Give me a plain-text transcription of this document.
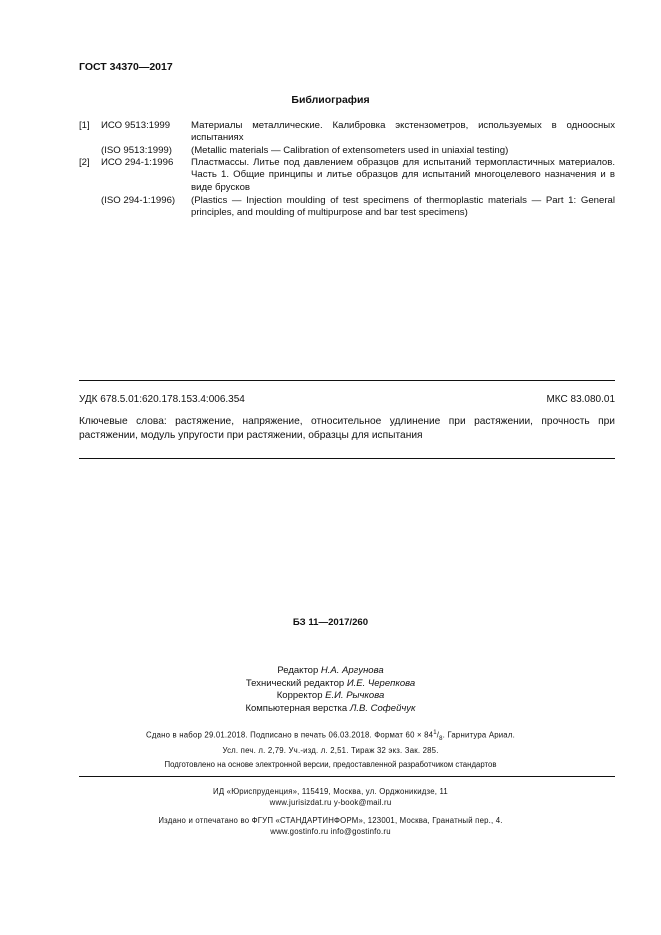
ГОСТ 34370—2017
Библиография
[1] ИСО 9513:1999 Материалы металлические. Калибровка экстензометров, используемых в одноосных испытаниях
(ISO 9513:1999) (Metallic materials — Calibration of extensometers used in uniaxial testing)
[2] ИСО 294-1:1996 Пластмассы. Литье под давлением образцов для испытаний термопластичных материалов. Часть 1. Общие принципы и литье образцов для испытаний многоцелевого назначения и в виде брусков
(ISO 294-1:1996) (Plastics — Injection moulding of test specimens of thermoplastic materials — Part 1: General principles, and moulding of multipurpose and bar test specimens)
УДК 678.5.01:620.178.153.4:006.354	МКС 83.080.01
Ключевые слова: растяжение, напряжение, относительное удлинение при растяжении, прочность при растяжении, модуль упругости при растяжении, образцы для испытания
БЗ 11—2017/260
Редактор Н.А. Аргунова
Технический редактор И.Е. Черепкова
Корректор Е.И. Рычкова
Компьютерная верстка Л.В. Софейчук
Сдано в набор 29.01.2018. Подписано в печать 06.03.2018. Формат $60 \times 84^1/_8$. Гарнитура Ариал.
Усл. печ. л. 2,79. Уч.-изд. л. 2,51. Тираж 32 экз. Зак. 285.
Подготовлено на основе электронной версии, предоставленной разработчиком стандартов
ИД «Юриспруденция», 115419, Москва, ул. Орджоникидзе, 11
www.jurisizdat.ru y-book@mail.ru
Издано и отпечатано во ФГУП «СТАНДАРТИНФОРМ», 123001, Москва, Гранатный пер., 4.
www.gostinfo.ru info@gostinfo.ru
